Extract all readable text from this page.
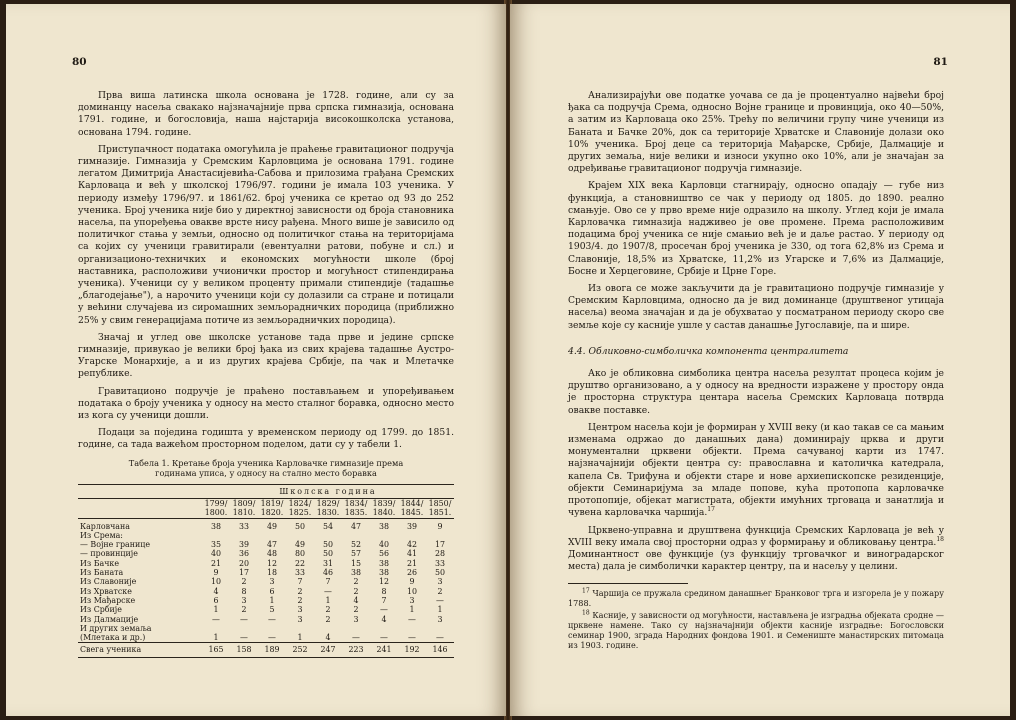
80

Прва виша латинска школа основана је 1728. године, али су за доминанцу насеља свакако најзначајније прва српска гимназија, основана 1791. године, и богословија, наша најстарија високошколска установа, основана 1794. године.

Приступачност података омогућила је праћење гравитационог подручја гимназије. Гимназија у Сремским Карловцима је основана 1791. године легатом Димитрија Анастасијевића-Сабова и прилозима грађана Сремских Карловаца и већ у школској 1796/97. години је имала 103 ученика. У периоду између 1796/97. и 1861/62. број ученика се кретао од 93 до 252 ученика. Број ученика није био у директној зависности од броја становника насеља, па упоређења овакве врсте нису рађена. Много више је зависило од политичког стања у земљи, односно од политичког стања на територијама са којих су ученици гравитирали (евентуални ратови, побуне и сл.) и организационо-техничких и економских могућности школе (број наставника, расположиви учионички простор и могућност стипендирања ученика). Ученици су у великом проценту примали стипендије (тадашње „благодејање"), а нарочито ученици који су долазили са стране и потицали у већини случајева из сиромашних земљорадничких породица (приближно 25% у свим генерацијама потиче из земљорадничких породица).

Значај и углед ове школске установе тада прве и једине српске гимназије, привукао је велики број ђака из свих крајева тадашње Аустро-Угарске Монархије, а и из других крајева Србије, па чак и Млетачке републике.

Гравитационо подручје је праћено постављањем и упоређивањем података о броју ученика у односу на место сталног боравка, односно место из кога су ученици дошли.

Подаци за поједина годишта у временском периоду од 1799. до 1851. године, са тада важећом просторном поделом, дати су у табели 1.

Табела 1. Кретање броја ученика Карловачке гимназије према
годинама уписа, у односу на стално место боравка
	Школска година								
	1799/	1809/	1819/	1824/	1829/	1834/	1839/	1844/	1850/
	1800.	1810.	1820.	1825.	1830.	1835.	1840.	1845.	1851.
Карловчана	38	33	49	50	54	47	38	39	9
Из Срема:									
— Војне границе	35	39	47	49	50	52	40	42	17
— провинције	40	36	48	80	50	57	56	41	28
Из Бачке	21	20	12	22	31	15	38	21	33
Из Баната	9	17	18	33	46	38	38	26	50
Из Славоније	10	2	3	7	7	2	12	9	3
Из Хрватске	4	8	6	2	—	2	8	10	2
Из Мађарске	6	3	1	2	1	4	7	3	—
Из Србије	1	2	5	3	2	2	—	1	1
Из Далмације	—	—	—	3	2	3	4	—	3
И других земаља									
(Млетака и др.)	1	—	—	1	4	—	—	—	—
Свега ученика	165	158	189	252	247	223	241	192	146
81

Анализирајући ове податке уочава се да је процентуално највећи број ђака са подручја Срема, односно Војне границе и провинција, око 40—50%, а затим из Карловаца око 25%. Трећу по величини групу чине ученици из Баната и Бачке 20%, док са територије Хрватске и Славоније долази око 10% ученика. Број деце са територија Мађарске, Србије, Далмације и других земаља, није велики и износи укупно око 10%, али је значајан за одређивање гравитационог подручја гимназије.

Крајем XIX века Карловци стагнирају, односно опадају — губе низ функција, а становништво се чак у периоду од 1805. до 1890. реално смањује. Ово се у прво време није одразило на школу. Углед који је имала Карловачка гимназија надживео је ове промене. Према расположивим подацима број ученика се није смањио већ је и даље растао. У периоду од 1903/4. до 1907/8, просечан број ученика је 330, од тога 62,8% из Срема и Славоније, 18,5% из Хрватске, 11,2% из Угарске и 7,6% из Далмације, Босне и Херцеговине, Србије и Црне Горе.

Из овога се може закључити да је гравитационо подручје гимназије у Сремским Карловцима, односно да је вид доминанце (друштвеног утицаја насеља) веома значајан и да је обухватао у посматраном периоду скоро све земље које су касније ушле у састав данашње Југославије, па и шире.

4.4. Обликовно-симболичка компонента централитета

Ако је обликовна симболика центра насеља резултат процеса којим је друштво организовано, а у односу на вредности изражене у простору онда је просторна структура центара насеља Сремских Карловаца потврда овакве поставке.

Центром насеља који је формиран у XVIII веку (и као такав се са мањим изменама одржао до данашњих дана) доминирају црква и други монументални црквени објекти. Према сачуваној карти из 1747. најзначајнији објекти центра су: православна и католичка катедрала, капела Св. Трифуна и објекти старе и нове архиепископске резиденције, објекти Семинаријума за младе попове, кућа протопопа карловачке протопопије, објекат магистрата, објекти имућних трговаца и занатлија и чувена карловачка чаршија.$^{17}$

Црквено-управна и друштвена функција Сремских Карловаца је већ у XVIII веку имала свој просторни одраз у формирању и обликовању центра.$^{18}$ Доминантност ове функције (уз функцију трговачког и виноградарског места) дала је симболички карактер центру, па и насељу у целини.

$^{17}$ Чаршија се пружала средином данашњег Бранковог трга и изгорела је у пожару 1788.

$^{18}$ Касније, у зависности од могућности, настављена је изградња објеката сродне — црквене намене. Тако су најзначајнији објекти касније изградње: Богословски семинар 1900, зграда Народних фондова 1901. и Семениште манастирских питомаца из 1903. године.
